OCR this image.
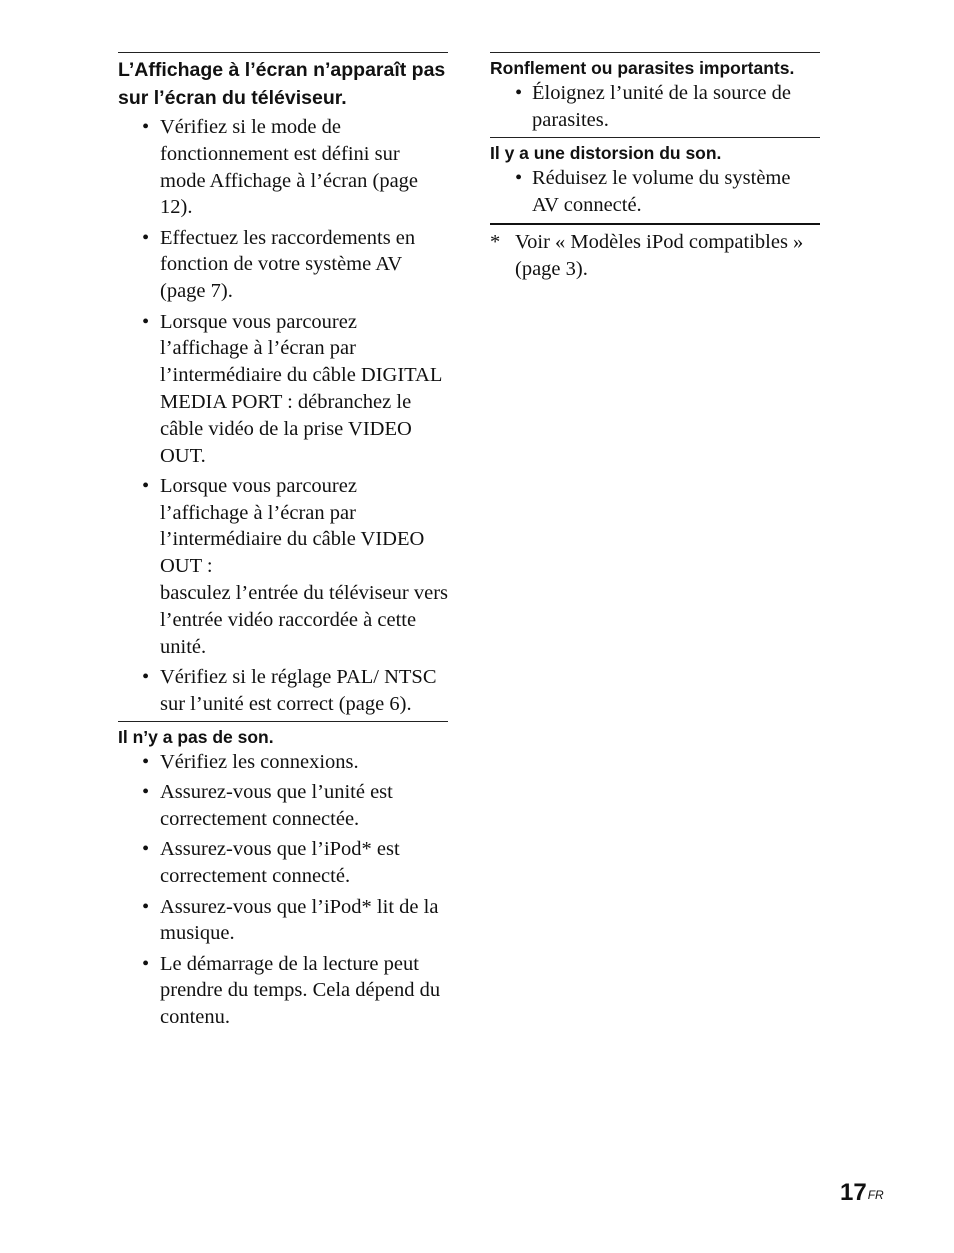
L’Affichage à l’écran n’apparaît pas sur l’écran du téléviseur.
• Vérifiez si le mode de fonctionnement est défini sur mode Affichage à l’écran (page 12).
• Effectuez les raccordements en fonction de votre système AV (page 7).
• Lorsque vous parcourez l’affichage à l’écran par l’intermédiaire du câble DIGITAL MEDIA PORT : débranchez le câble vidéo de la prise VIDEO OUT.
• Lorsque vous parcourez l’affichage à l’écran par l’intermédiaire du câble VIDEO OUT :
basculez l’entrée du téléviseur vers l’entrée vidéo raccordée à cette unité.
• Vérifiez si le réglage PAL/ NTSC sur l’unité est correct (page 6).
Il n’y a pas de son.
• Vérifiez les connexions.
• Assurez-vous que l’unité est correctement connectée.
• Assurez-vous que l’iPod* est correctement connecté.
• Assurez-vous que l’iPod* lit de la musique.
• Le démarrage de la lecture peut prendre du temps. Cela dépend du contenu.
Ronflement ou parasites importants.
• Éloignez l’unité de la source de parasites.
Il y a une distorsion du son.
• Réduisez le volume du système AV connecté.
* Voir « Modèles iPod compatibles » (page 3).
$17^{FR}$
